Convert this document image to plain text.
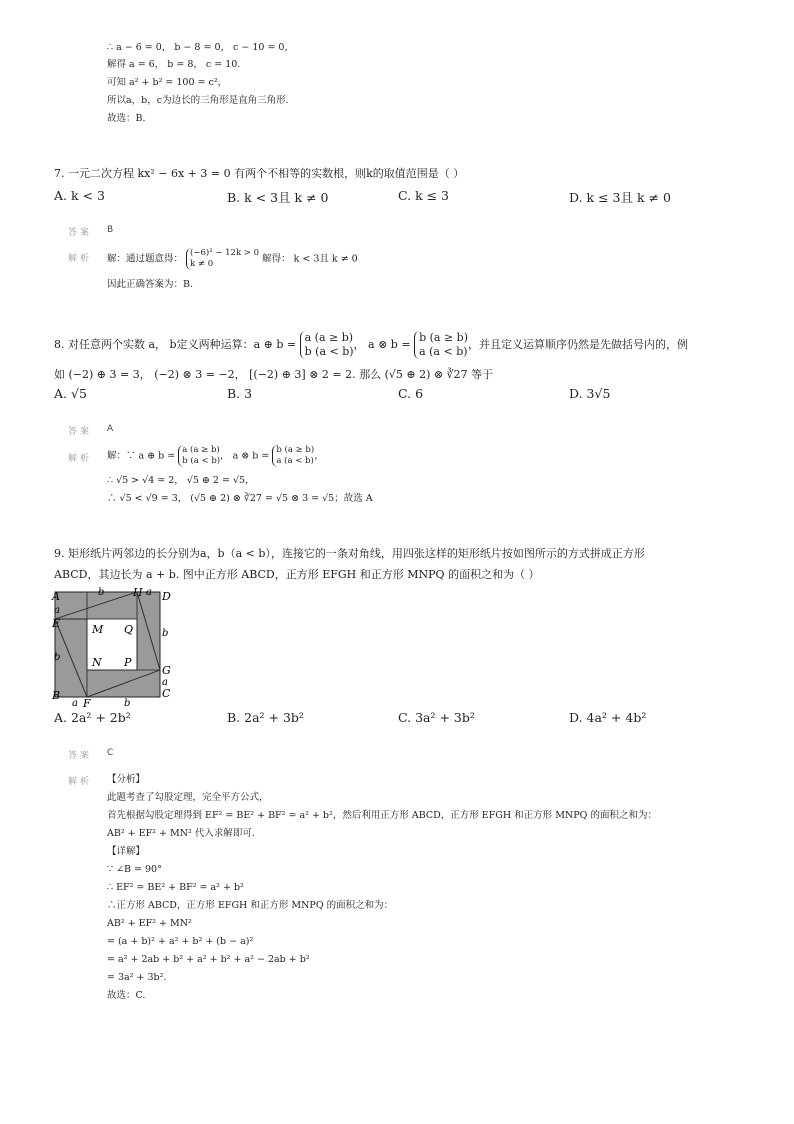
∴ a − 6 = 0， b − 8 = 0， c − 10 = 0，
解得 a = 6， b = 8， c = 10.
可知 a² + b² = 100 = c²，
所以a，b，c为边长的三角形是直角三角形.
故选：B.
7. 一元二次方程 kx² − 6x + 3 = 0 有两个不相等的实数根，则k的取值范围是（ ）
A. k < 3	B. k < 3且 k ≠ 0	C. k ≤ 3	D. k ≤ 3且 k ≠ 0
答案 B
解析 解：通过题意得： (−6)² − 12k > 0
k ≠ 0	解得： k < 3且 k ≠ 0
因此正确答案为：B.
8. 对任意两个实数 a， b定义两种运算：a ⊕ b = a (a ≥ b)
b (a < b)， a ⊗ b = b (a ≥ b)
a (a < b)，并且定义运算顺序仍然是先做括号内的，例
如 (−2) ⊕ 3 = 3， (−2) ⊗ 3 = −2， [(−2) ⊕ 3] ⊗ 2 = 2. 那么 (√5 ⊕ 2) ⊗ ∛27 等于
A. √5	B. 3	C. 6	D. 3√5
答案 A
解析 解：∵ a ⊕ b = a (a ≥ b)
b (a < b)， a ⊗ b = b (a ≥ b)
a (a < b)，
∴ √5 > √4 = 2， √5 ⊕ 2 = √5，
∴ √5 < √9 = 3， (√5 ⊕ 2) ⊗ ∛27 = √5 ⊗ 3 = √5；故选 A
9. 矩形纸片两邻边的长分别为a，b（a < b），连接它的一条对角线，用四张这样的矩形纸片按如图所示的方式拼成正方形
ABCD，其边长为 a + b. 图中正方形 ABCD，正方形 EFGH 和正方形 MNPQ 的面积之和为（ ）
A	D
B	C
E
F
G
H
M
N P
Q
a
b
b	a
b
a
a	b
A. 2a² + 2b²	B. 2a² + 3b²	C. 3a² + 3b²	D. 4a² + 4b²
答案 C
解析 【分析】
此题考查了勾股定理，完全平方公式，
首先根据勾股定理得到 EF² = BE² + BF² = a² + b²，然后利用正方形 ABCD，正方形 EFGH 和正方形 MNPQ 的面积之和为：
AB² + EF² + MN² 代入求解即可.
【详解】
∵ ∠B = 90°
∴ EF² = BE² + BF² = a² + b²
∴正方形 ABCD，正方形 EFGH 和正方形 MNPQ 的面积之和为：
AB² + EF² + MN²
= (a + b)² + a² + b² + (b − a)²
= a² + 2ab + b² + a² + b² + a² − 2ab + b²
= 3a² + 3b².
故选：C.
